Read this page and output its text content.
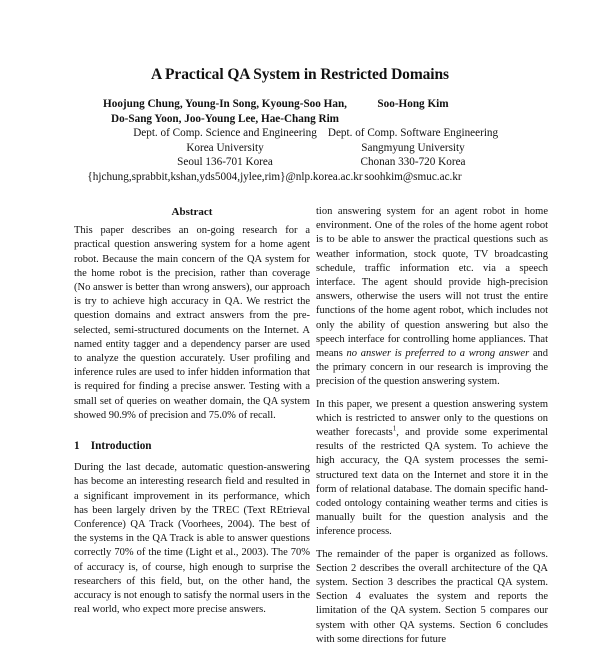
A Practical QA System in Restricted Domains
Hoojung Chung, Young-In Song, Kyoung-Soo Han,
Do-Sang Yoon, Joo-Young Lee, Hae-Chang Rim
Dept. of Comp. Science and Engineering
Korea University
Seoul 136-701 Korea
{hjchung,sprabbit,kshan,yds5004,jylee,rim}@nlp.korea.ac.kr
Soo-Hong Kim
Dept. of Comp. Software Engineering
Sangmyung University
Chonan 330-720 Korea
soohkim@smuc.ac.kr
Abstract

This paper describes an on-going research for a practical question answering system for a home agent robot. Because the main concern of the QA system for the home robot is the precision, rather than coverage (No answer is better than wrong answers), our approach is try to achieve high accuracy in QA. We restrict the question domains and extract answers from the pre-selected, semi-structured documents on the Internet. A named entity tagger and a dependency parser are used to analyze the question accurately. User profiling and inference rules are used to infer hidden information that is required for finding a precise answer. Testing with a small set of queries on weather domain, the QA system showed 90.9% of precision and 75.0% of recall.

1 Introduction

During the last decade, automatic question-answering has become an interesting research field and resulted in a significant improvement in its performance, which has been largely driven by the TREC (Text REtrieval Conference) QA Track (Voorhees, 2004). The best of the systems in the QA Track is able to answer questions correctly 70% of the time (Light et al., 2003). The 70% of accuracy is, of course, high enough to surprise the researchers of this field, but, on the other hand, the accuracy is not enough to satisfy the normal users in the real world, who expect more precise answers.

tion answering system for an agent robot in home environment. One of the roles of the home agent robot is to be able to answer the practical questions such as weather information, stock quote, TV broadcasting schedule, traffic information etc. via a speech interface. The agent should provide high-precision answers, otherwise the users will not trust the entire functions of the home agent robot, which includes not only the ability of question answering but also the speech interface for controlling home appliances. That means no answer is preferred to a wrong answer and the primary concern in our research is improving the precision of the question answering system.

In this paper, we present a question answering system which is restricted to answer only to the questions on weather forecasts$^1$, and provide some experimental results of the restricted QA system. To achieve the high accuracy, the QA system processes the semi-structured text data on the Internet and store it in the form of relational database. The domain specific hand-coded ontology containing weather terms and cities is manually built for the question analysis and the inference process.

The remainder of the paper is organized as follows. Section 2 describes the overall architecture of the QA system. Section 3 describes the practical QA system. Section 4 evaluates the system and reports the limitation of the QA system. Section 5 compares our system with other QA systems. Section 6 concludes with some directions for future
